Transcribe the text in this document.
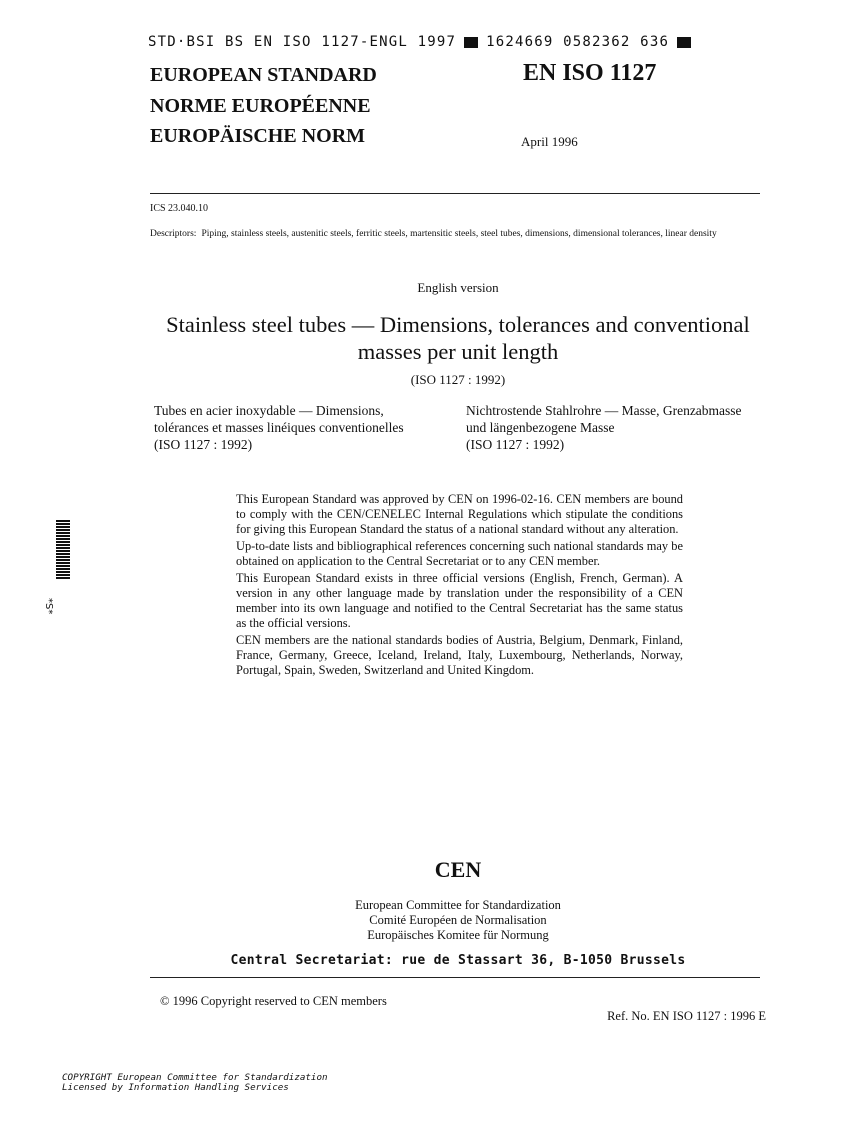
STD·BSI BS EN ISO 1127-ENGL 1997 1624669 0582362 636
EUROPEAN STANDARD
NORME EUROPÉENNE
EUROPÄISCHE NORM
EN ISO 1127
April 1996
ICS 23.040.10
Descriptors: Piping, stainless steels, austenitic steels, ferritic steels, martensitic steels, steel tubes, dimensions, dimensional tolerances, linear density
English version
Stainless steel tubes — Dimensions, tolerances and conventional masses per unit length
(ISO 1127 : 1992)
Tubes en acier inoxydable — Dimensions,
tolérances et masses linéiques conventionelles
(ISO 1127 : 1992)
Nichtrostende Stahlrohre — Masse, Grenzabmasse
und längenbezogene Masse
(ISO 1127 : 1992)

This European Standard was approved by CEN on 1996-02-16. CEN members are bound to comply with the CEN/CENELEC Internal Regulations which stipulate the conditions for giving this European Standard the status of a national standard without any alteration.

Up-to-date lists and bibliographical references concerning such national standards may be obtained on application to the Central Secretariat or to any CEN member.

This European Standard exists in three official versions (English, French, German). A version in any other language made by translation under the responsibility of a CEN member into its own language and notified to the Central Secretariat has the same status as the official versions.

CEN members are the national standards bodies of Austria, Belgium, Denmark, Finland, France, Germany, Greece, Iceland, Ireland, Italy, Luxembourg, Netherlands, Norway, Portugal, Spain, Sweden, Switzerland and United Kingdom.

*S*
CEN
European Committee for Standardization
Comité Européen de Normalisation
Europäisches Komitee für Normung
Central Secretariat: rue de Stassart 36, B-1050 Brussels
© 1996 Copyright reserved to CEN members
Ref. No. EN ISO 1127 : 1996 E
COPYRIGHT European Committee for Standardization
Licensed by Information Handling Services
